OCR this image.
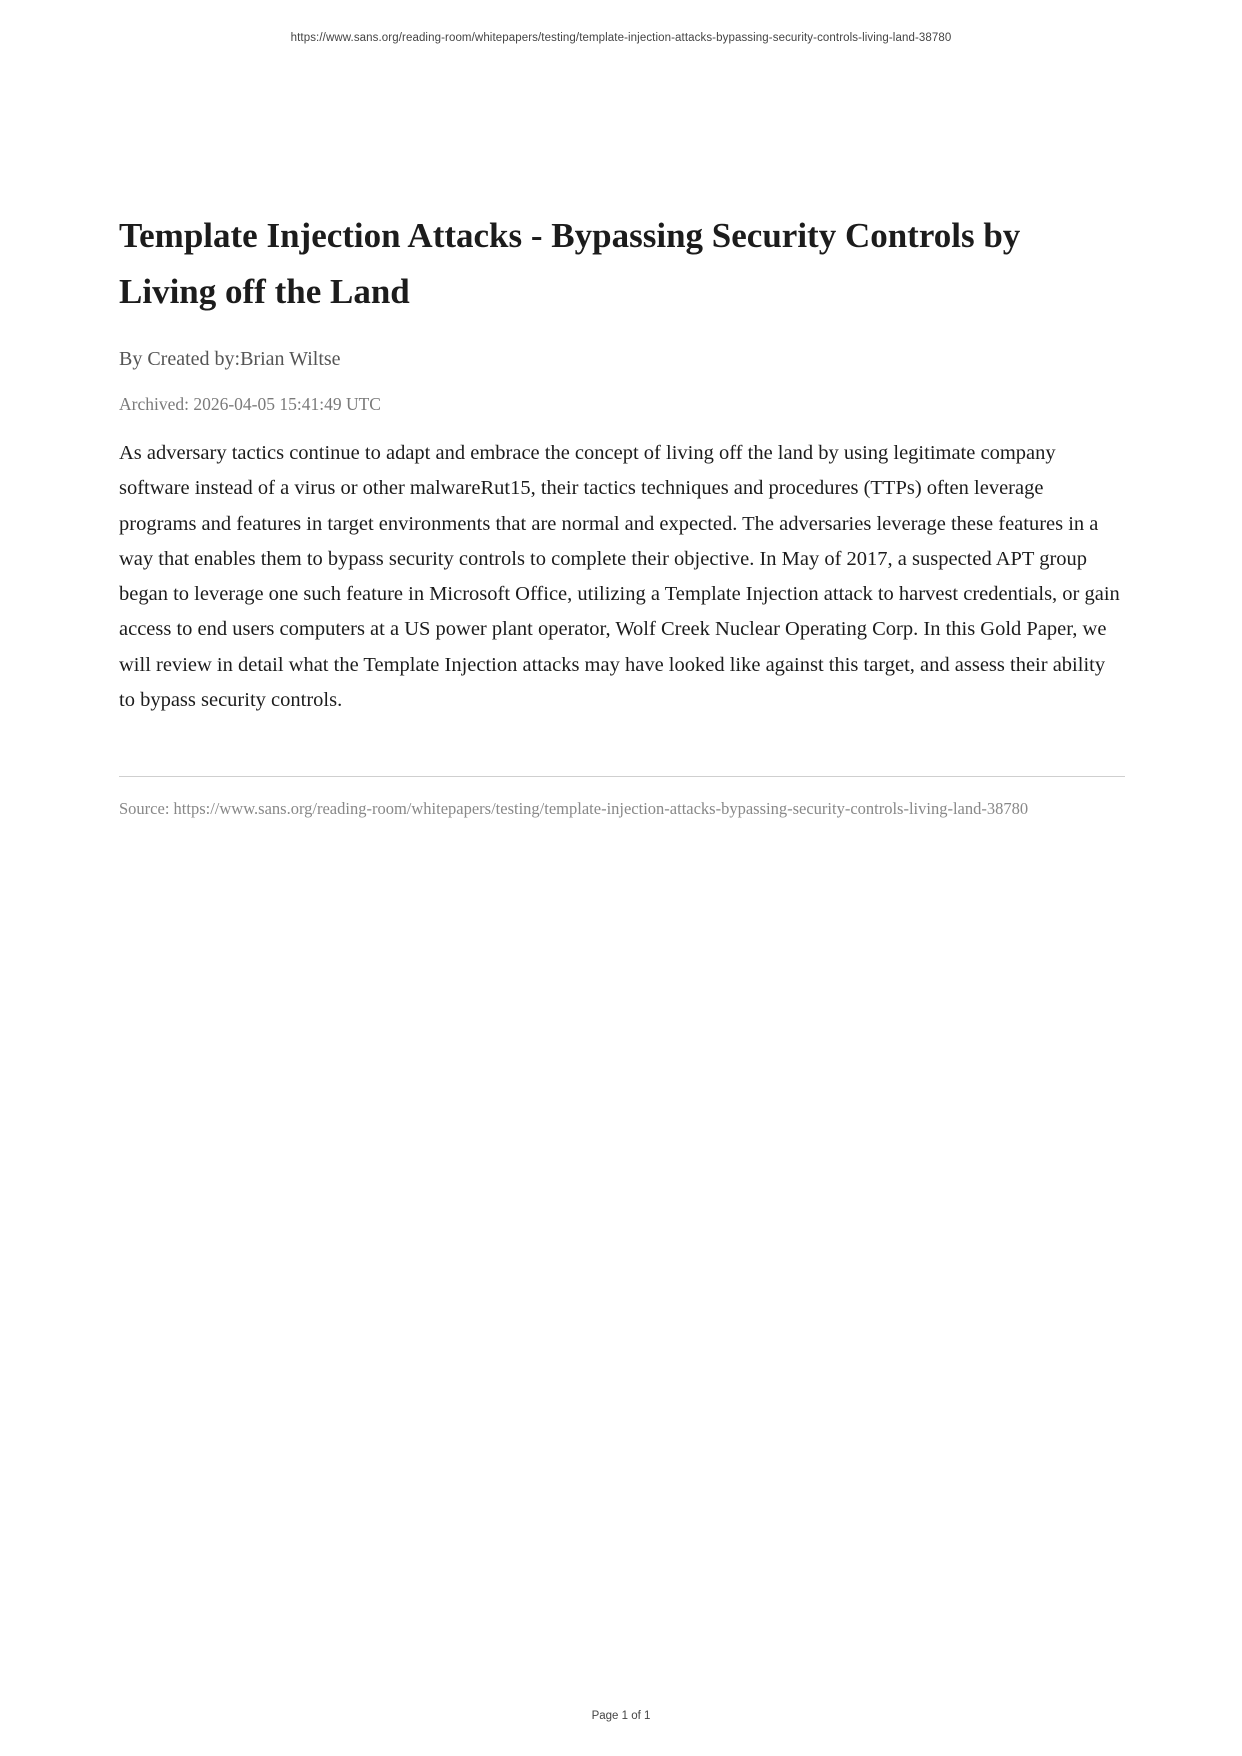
https://www.sans.org/reading-room/whitepapers/testing/template-injection-attacks-bypassing-security-controls-living-land-38780
Template Injection Attacks - Bypassing Security Controls by Living off the Land
By Created by:Brian Wiltse
Archived: 2026-04-05 15:41:49 UTC

As adversary tactics continue to adapt and embrace the concept of living off the land by using legitimate company software instead of a virus or other malwareRut15, their tactics techniques and procedures (TTPs) often leverage programs and features in target environments that are normal and expected. The adversaries leverage these features in a way that enables them to bypass security controls to complete their objective. In May of 2017, a suspected APT group began to leverage one such feature in Microsoft Office, utilizing a Template Injection attack to harvest credentials, or gain access to end users computers at a US power plant operator, Wolf Creek Nuclear Operating Corp. In this Gold Paper, we will review in detail what the Template Injection attacks may have looked like against this target, and assess their ability to bypass security controls.

Source: https://www.sans.org/reading-room/whitepapers/testing/template-injection-attacks-bypassing-security-controls-living-land-38780
Page 1 of 1
